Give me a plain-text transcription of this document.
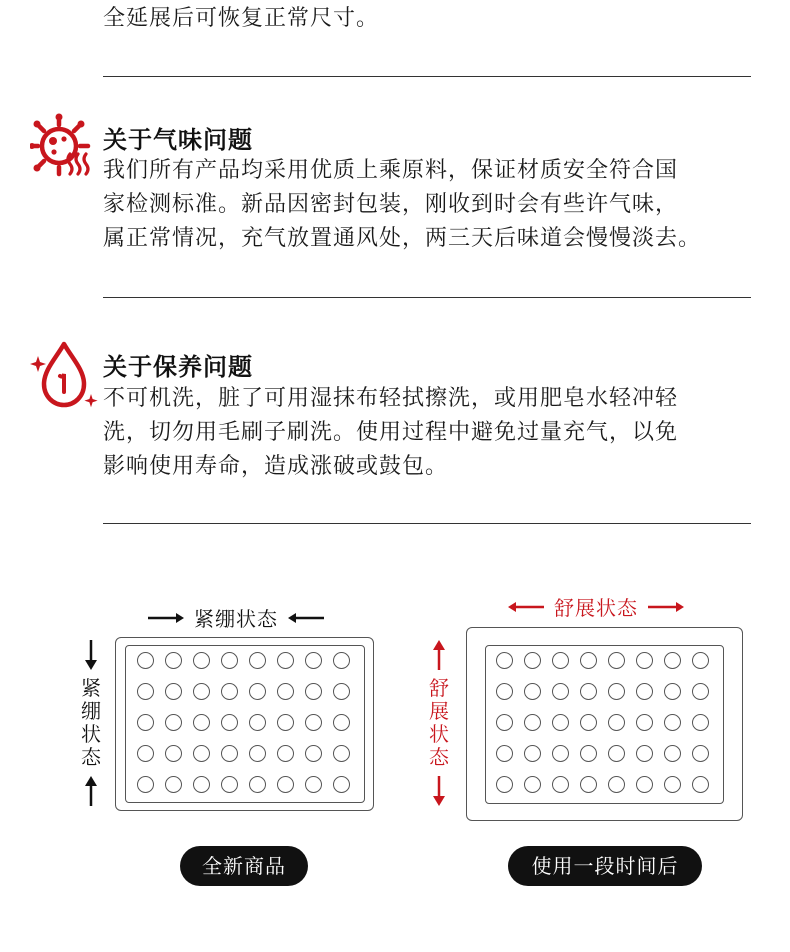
全延展后可恢复正常尺寸。

关于气味问题

我们所有产品均采用优质上乘原料，保证材质安全符合国

家检测标准。新品因密封包装，刚收到时会有些许气味，

属正常情况，充气放置通风处，两三天后味道会慢慢淡去。

关于保养问题

不可机洗，脏了可用湿抹布轻拭擦洗，或用肥皂水轻冲轻

洗，切勿用毛刷子刷洗。使用过程中避免过量充气，以免

影响使用寿命，造成涨破或鼓包。

紧绷状态
紧
绷
状
态
全新商品
舒展状态
舒
展
状
态
使用一段时间后
